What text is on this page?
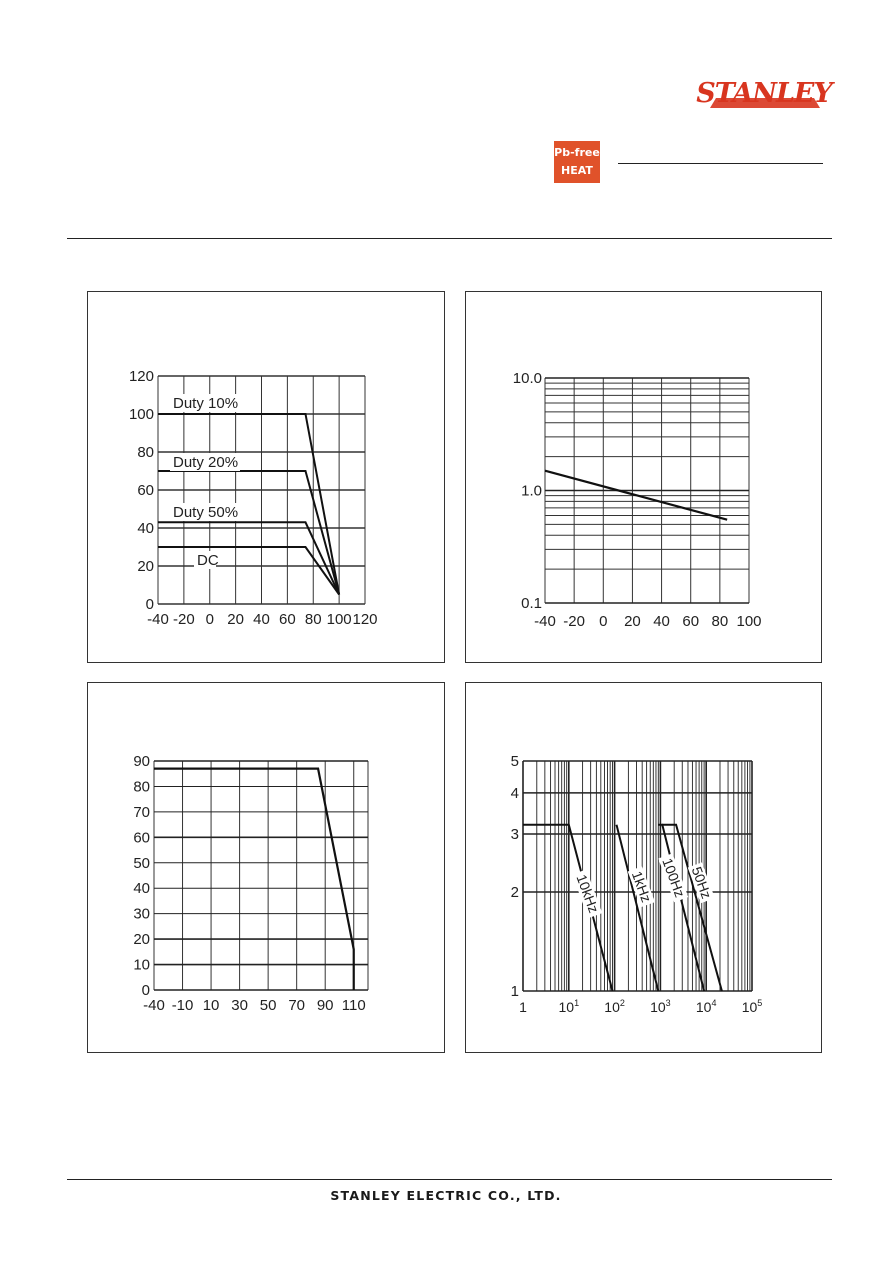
STANLEY
Pb-free
HEAT
Duty 10%
Duty 20%
Duty 50%
DC
-40 -20 0 20 40 60 80 100 120
0
20
40
60
80
100
120
-40 -20 0 20 40 60 80 100
0.1
1.0
10.0
-40 -10 10 30 50 70 90 110
0
10
20
30
40
50
60
70
80
90
10kHz 1kHz 100Hz 50Hz
1 $10^1$ $10^2$ $10^3$ $10^4$ $10^5$
1
2
3
4
5
STANLEY ELECTRIC CO., LTD.
